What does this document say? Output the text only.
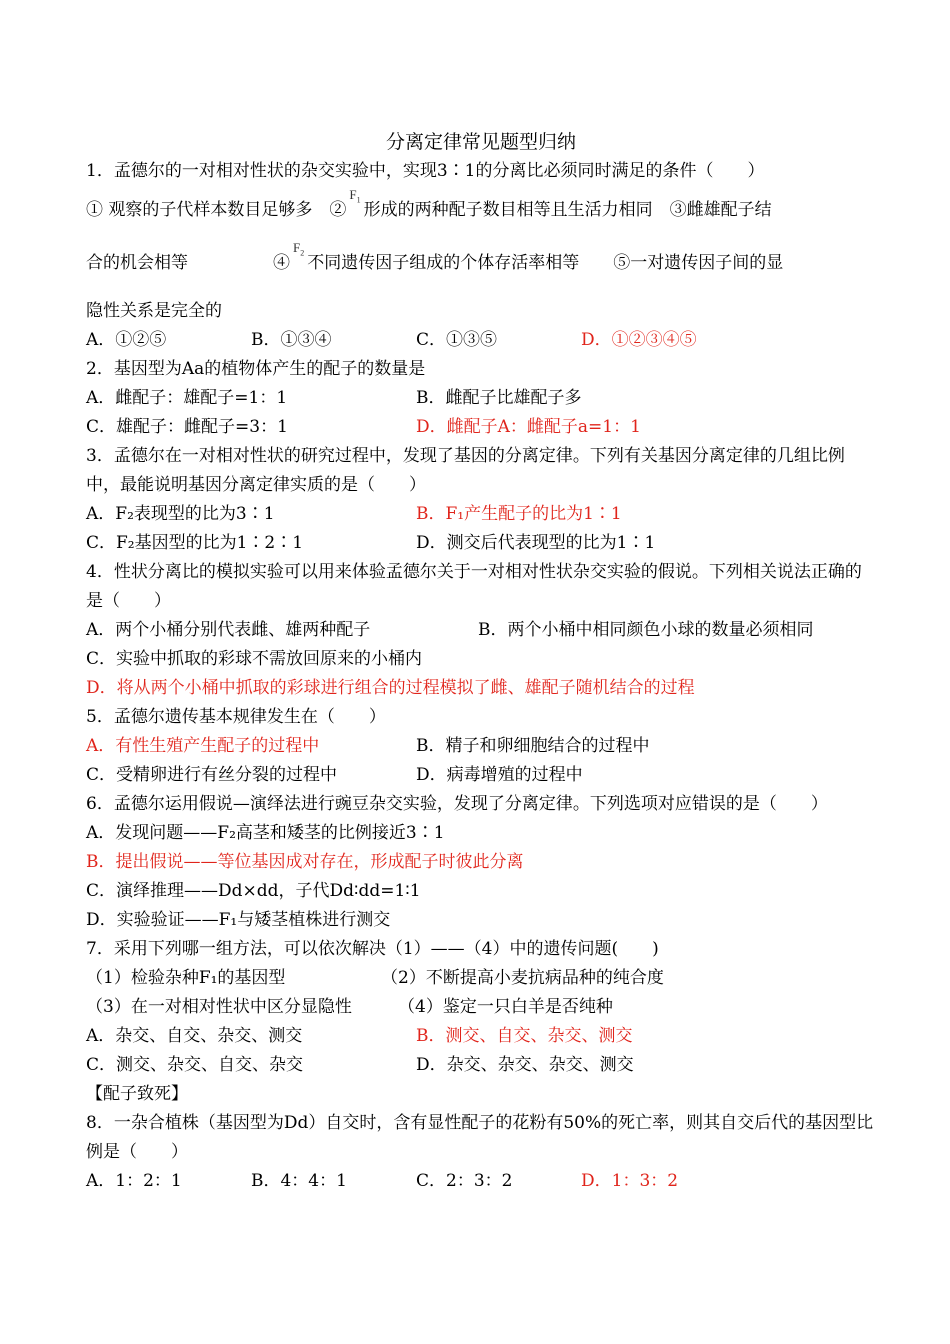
分离定律常见题型归纳
1．孟德尔的一对相对性状的杂交实验中，实现3∶1的分离比必须同时满足的条件（　　）
① 观察的子代样本数目足够多　②$^{F_1}$ 形成的两种配子数目相等且生活力相同　③雌雄配子结
合的机会相等　　　　　④$^{F_2}$ 不同遗传因子组成的个体存活率相等　　⑤一对遗传因子间的显
隐性关系是完全的
A．①②⑤	B．①③④	C．①③⑤	D．①②③④⑤
2．基因型为Aa的植物体产生的配子的数量是
A．雌配子：雄配子=1：1	B．雌配子比雄配子多
C．雄配子：雌配子=3：1	D．雌配子A：雌配子a=1：1
3．孟德尔在一对相对性状的研究过程中，发现了基因的分离定律。下列有关基因分离定律的几组比例中，最能说明基因分离定律实质的是（　　）
A．F₂表现型的比为3∶1	B．F₁产生配子的比为1∶1
C．F₂基因型的比为1∶2∶1	D．测交后代表现型的比为1∶1
4．性状分离比的模拟实验可以用来体验孟德尔关于一对相对性状杂交实验的假说。下列相关说法正确的是（　　）
A．两个小桶分别代表雌、雄两种配子	B．两个小桶中相同颜色小球的数量必须相同
C．实验中抓取的彩球不需放回原来的小桶内
D．将从两个小桶中抓取的彩球进行组合的过程模拟了雌、雄配子随机结合的过程
5．孟德尔遗传基本规律发生在（　　）
A．有性生殖产生配子的过程中	B．精子和卵细胞结合的过程中
C．受精卵进行有丝分裂的过程中	D．病毒增殖的过程中
6．孟德尔运用假说—演绎法进行豌豆杂交实验，发现了分离定律。下列选项对应错误的是（　　）
A．发现问题——F₂高茎和矮茎的比例接近3∶1
B．提出假说——等位基因成对存在，形成配子时彼此分离
C．演绎推理——Dd×dd，子代Dd∶dd=1∶1
D．实验验证——F₁与矮茎植株进行测交
7．采用下列哪一组方法，可以依次解决（1）——（4）中的遗传问题(　　)
（1）检验杂种F₁的基因型	（2）不断提高小麦抗病品种的纯合度
（3）在一对相对性状中区分显隐性	（4）鉴定一只白羊是否纯种
A．杂交、自交、杂交、测交	B．测交、自交、杂交、测交
C．测交、杂交、自交、杂交	D．杂交、杂交、杂交、测交
【配子致死】
8．一杂合植株（基因型为Dd）自交时，含有显性配子的花粉有50%的死亡率，则其自交后代的基因型比例是（　　）
A．1：2：1	B．4：4：1	C．2：3：2	D．1：3：2
